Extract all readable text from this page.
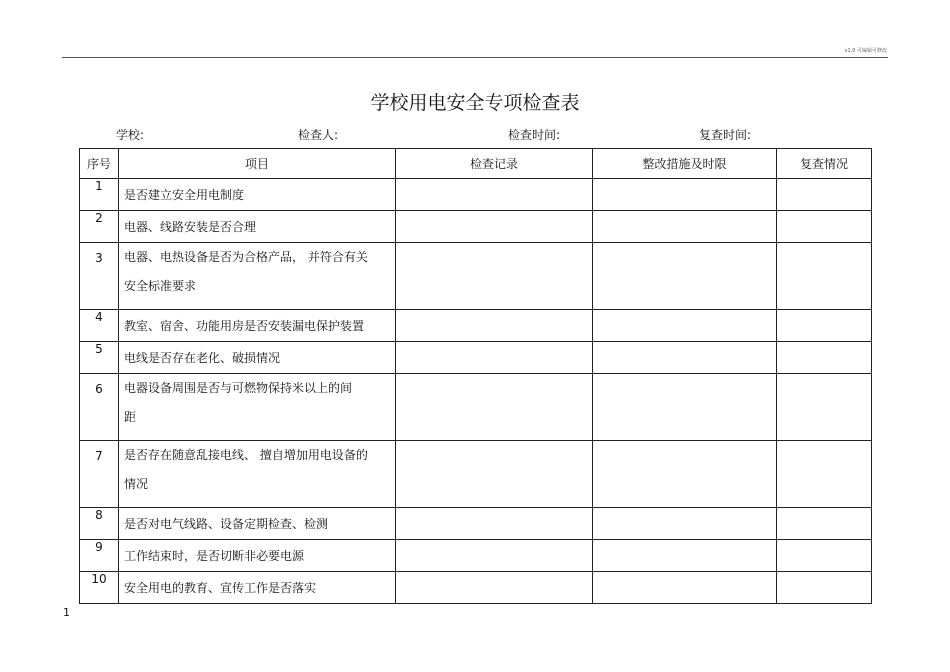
v1.0 可编辑可修改
学校用电安全专项检查表
学校:	检查人:	检查时间:	复查时间:
序号	项目	检查记录	整改措施及时限	复查情况
1	是否建立安全用电制度			
2	电器、线路安装是否合理			
3	电器、电热设备是否为合格产品， 并符合有关
安全标准要求			

4	教室、宿舍、功能用房是否安装漏电保护装置			
5	电线是否存在老化、破损情况			
6	电器设备周围是否与可燃物保持米以上的间
距			

7	是否存在随意乱接电线、 擅自增加用电设备的
情况			

8	是否对电气线路、设备定期检查、检测			
9	工作结束时，是否切断非必要电源			
10	安全用电的教育、宣传工作是否落实			
1
